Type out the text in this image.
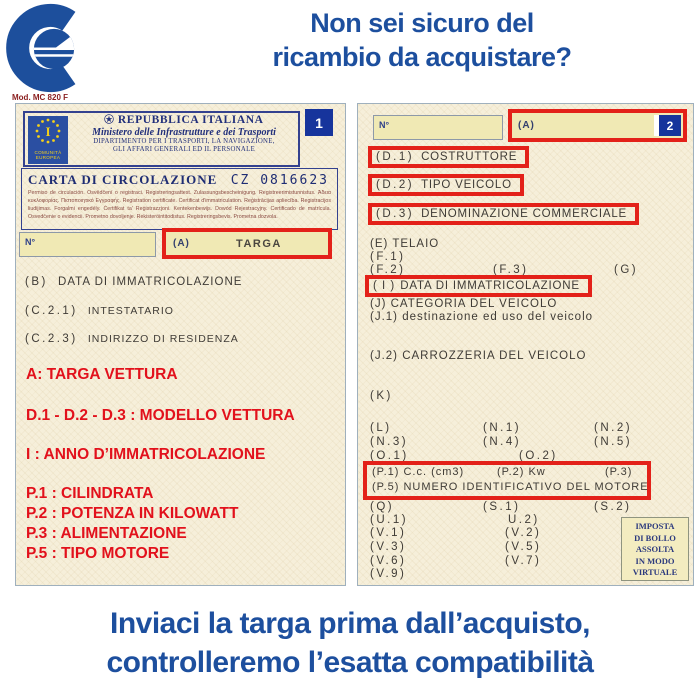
Non sei sicuro del
ricambio da acquistare?
Mod. MC 820 F
I
COMUNITÀ
EUROPEA
REPUBBLICA ITALIANA
Ministero delle Infrastrutture e dei Trasporti
DIPARTIMENTO PER I TRASPORTI, LA NAVIGAZIONE,
GLI AFFARI GENERALI ED IL PERSONALE
1
CARTA DI CIRCOLAZIONE CZ 0816623
Permiso de circulación. Osvědčení o registraci. Registreringsattest. Zulassungsbescheinigung. Registreerimistunnistus. Άδεια κυκλοφορίας. Πιστοποιητικό Εγγραφής. Registration certificate. Certificat d'immatriculation. Reģistrācijas apliecība. Registracijos liudijimas. Forgalmi engedély. Ċertifikat ta' Reġistrazzjoni. Kentekenbewijs. Dowód Rejestracyjny. Certificado de matrícula. Osvedčenie o evidencii. Prometno dovoljenje. Rekisteröintitodistus. Registreringsbevis. Prometna dozvola.
N°	(A)	TARGA
(B) DATA DI IMMATRICOLAZIONE
(C.2.1) INTESTATARIO
(C.2.3) INDIRIZZO DI RESIDENZA
A: TARGA VETTURA
D.1 - D.2 - D.3 : MODELLO VETTURA
I : ANNO D’IMMATRICOLAZIONE
P.1 : CILINDRATA
P.2 : POTENZA IN KILOWATT
P.3 : ALIMENTAZIONE
P.5 : TIPO MOTORE
N°	(A)	2
(D.1) COSTRUTTORE
(D.2) TIPO VEICOLO
(D.3) DENOMINAZIONE COMMERCIALE
(E) TELAIO
(F.1)
(F.2)	(F.3)	(G)
( I ) DATA DI IMMATRICOLAZIONE
(J) CATEGORIA DEL VEICOLO
(J.1) destinazione ed uso del veicolo
(J.2) CARROZZERIA DEL VEICOLO
(K)
(L)	(N.1)	(N.2)
(N.3)	(N.4)	(N.5)
(O.1)	(O.2)
(P.1) C.c. (cm3)	(P.2) Kw	(P.3)
(P.5) NUMERO IDENTIFICATIVO DEL MOTORE
(Q)	(S.1)	(S.2)
(U.1)	U.2)
(V.1)	(V.2)
(V.3)	(V.5)
(V.6)	(V.7)
(V.9)
IMPOSTA
DI BOLLO
ASSOLTA
IN MODO
VIRTUALE
Inviaci la targa prima dall’acquisto,
controlleremo l’esatta compatibilità
